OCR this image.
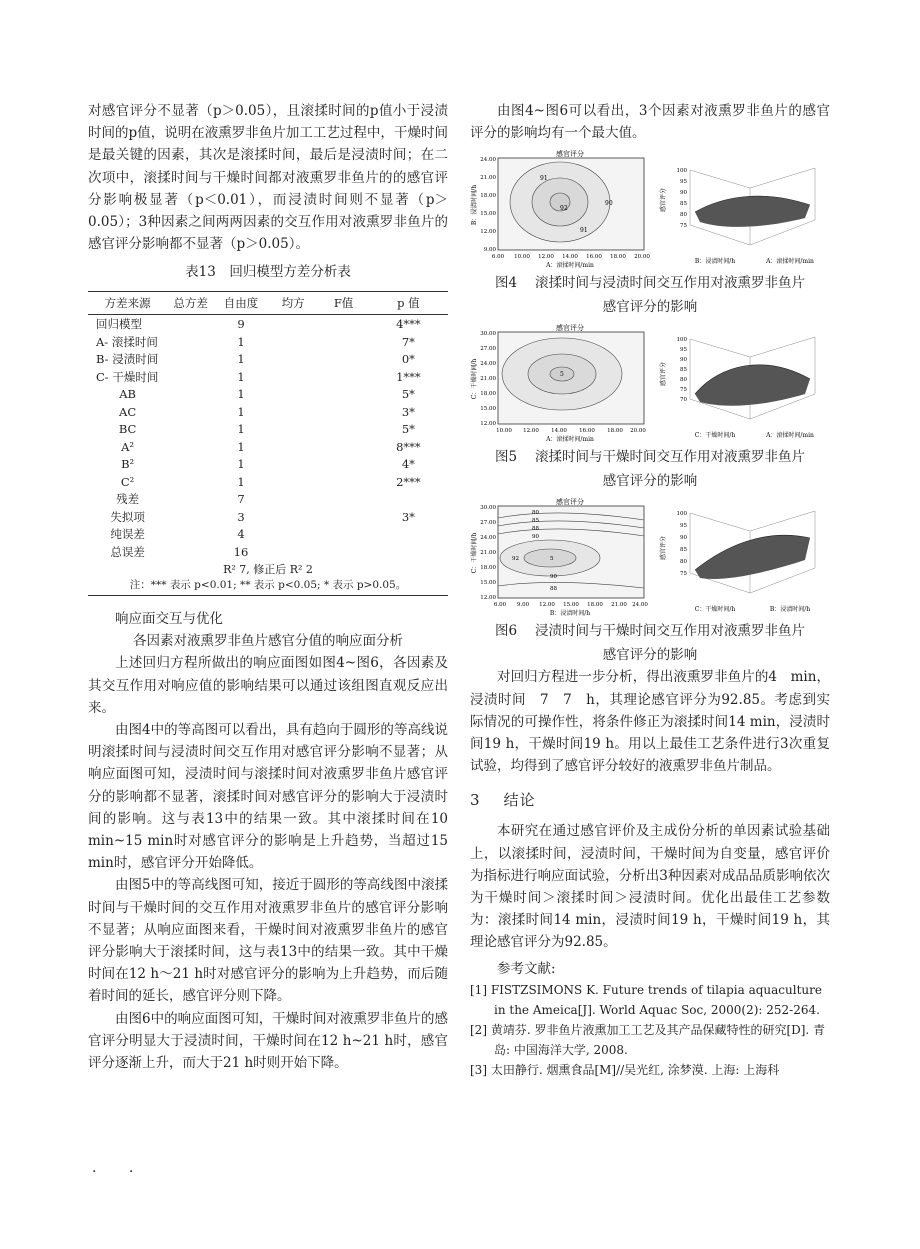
对感官评分不显著（p＞0.05），且滚揉时间的p值小于浸渍时间的p值，说明在液熏罗非鱼片加工工艺过程中，干燥时间是最关键的因素，其次是滚揉时间，最后是浸渍时间；在二次项中，滚揉时间与干燥时间都对液熏罗非鱼片的的感官评分影响极显著（p＜0.01），而浸渍时间则不显著（p＞0.05）；3种因素之间两两因素的交互作用对液熏罗非鱼片的感官评分影响都不显著（p＞0.05）。

表13　回归模型方差分析表
方差来源	总方差	自由度	均方	F值	p 值
回归模型		9			4***
A- 滚揉时间		1			7*
B- 浸渍时间		1			0*
C- 干燥时间		1			1***
AB		1			5*
AC		1			3*
BC		1			5*
A²		1			8***
B²		1			4*
C²		1			2***
残差		7			
失拟项		3			3*
纯误差		4			
总误差		16			
R² 7, 修正后 R² 2					
注：*** 表示 p<0.01; ** 表示 p<0.05; * 表示 p>0.05。

响应面交互与优化

各因素对液熏罗非鱼片感官分值的响应面分析

上述回归方程所做出的响应面图如图4~图6，各因素及其交互作用对响应值的影响结果可以通过该组图直观反应出来。

由图4中的等高图可以看出，具有趋向于圆形的等高线说明滚揉时间与浸渍时间交互作用对感官评分影响不显著；从响应面图可知，浸渍时间与滚揉时间对液熏罗非鱼片感官评分的影响都不显著，滚揉时间对感官评分的影响大于浸渍时间的影响。这与表13中的结果一致。其中滚揉时间在10 min~15 min时对感官评分的影响是上升趋势，当超过15 min时，感官评分开始降低。

由图5中的等高线图可知，接近于圆形的等高线图中滚揉时间与干燥时间的交互作用对液熏罗非鱼片的感官评分影响不显著；从响应面图来看，干燥时间对液熏罗非鱼片的感官评分影响大于滚揉时间，这与表13中的结果一致。其中干燥时间在12 h～21 h时对感官评分的影响为上升趋势，而后随着时间的延长，感官评分则下降。

由图6中的响应面图可知，干燥时间对液熏罗非鱼片的感官评分明显大于浸渍时间，干燥时间在12 h~21 h时，感官评分逐渐上升，而大于21 h时则开始下降。

由图4~图6可以看出，3个因素对液熏罗非鱼片的感官评分的影响均有一个最大值。

感官评分
91
92
90
91
24.00
21.00
18.00
15.00
12.00
9.00
6.00 10.00 12.00 14.00 16.00 18.00 20.00
A：滚揉时间/min
B：浸渍时间/h
100
95
90
85
80
75
感官评分
B：浸渍时间/h	A：滚揉时间/min
图4 滚揉时间与浸渍时间交互作用对液熏罗非鱼片
感官评分的影响
感官评分
5
30.00
27.00
24.00
21.00
18.00
15.00
12.00
10.00 12.00 14.00 16.00 18.00 20.00
A：滚揉时间/min
C：干燥时间/h
100
95
90
85
80
75
70
感官评分
C：干燥时间/h	A：滚揉时间/min
图5 滚揉时间与干燥时间交互作用对液熏罗非鱼片
感官评分的影响
感官评分
80
85
88
90
92
90
88
5
30.00
27.00
24.00
21.00
18.00
15.00
12.00
6.00 9.00 12.00 15.00 18.00 21.00 24.00
B：浸渍时间/h
C：干燥时间/h
100
95
90
85
80
75
感官评分
C：干燥时间/h	B：浸渍时间/h
图6 浸渍时间与干燥时间交互作用对液熏罗非鱼片
感官评分的影响

对回归方程进一步分析，得出液熏罗非鱼片的4　min，浸渍时间　7　7　h，其理论感官评分为92.85。考虑到实际情况的可操作性，将条件修正为滚揉时间14 min，浸渍时间19 h，干燥时间19 h。用以上最佳工艺条件进行3次重复试验，均得到了感官评分较好的液熏罗非鱼片制品。

3 结论

本研究在通过感官评价及主成份分析的单因素试验基础上，以滚揉时间，浸渍时间，干燥时间为自变量，感官评价为指标进行响应面试验，分析出3种因素对成品品质影响依次为干燥时间＞滚揉时间＞浸渍时间。优化出最佳工艺参数为：滚揉时间14 min，浸渍时间19 h，干燥时间19 h，其理论感官评分为92.85。

参考文献:

[1] FISTZSIMONS K. Future trends of tilapia aquaculture in the Ameica[J]. World Aquac Soc, 2000(2): 252-264.
[2] 黄靖芬. 罗非鱼片液熏加工工艺及其产品保藏特性的研究[D]. 青岛: 中国海洋大学, 2008.
[3] 太田静行. 烟熏食品[M]//吴光红, 涂梦漠. 上海: 上海科
. .
